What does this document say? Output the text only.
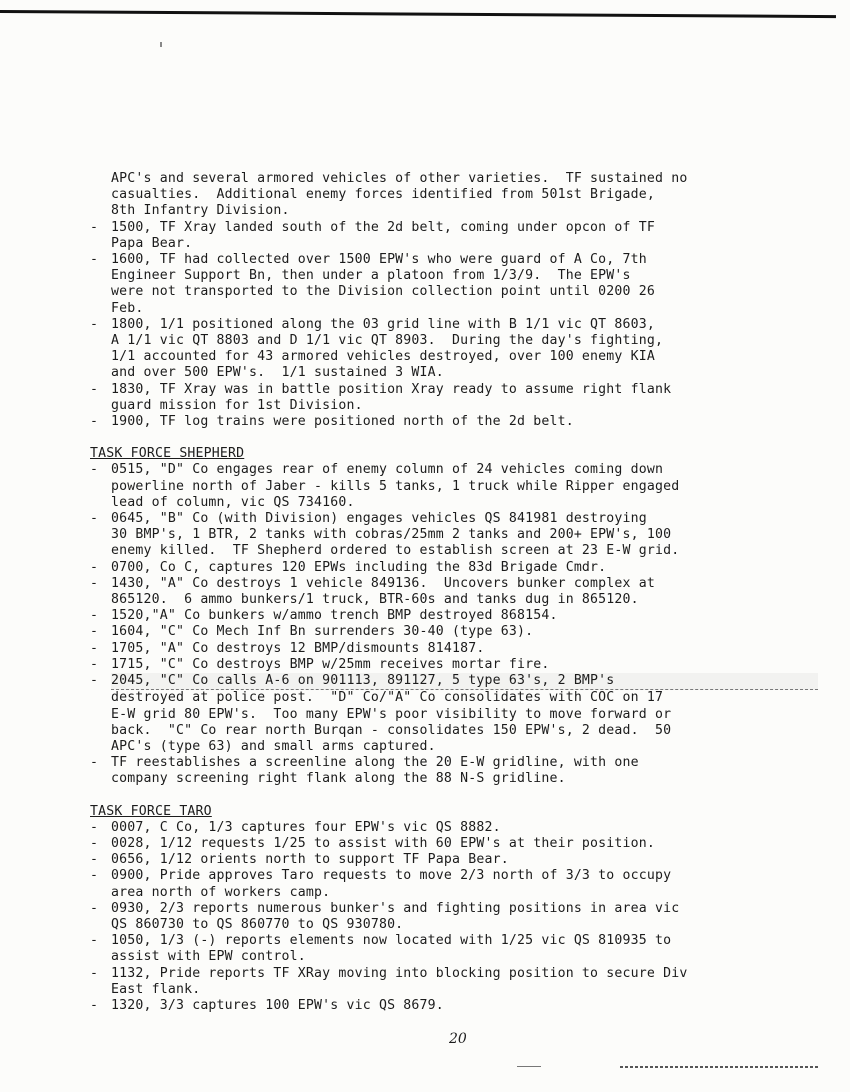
APC's and several armored vehicles of other varieties.  TF sustained no
casualties.  Additional enemy forces identified from 501st Brigade,
8th Infantry Division.
- 1500, TF Xray landed south of the 2d belt, coming under opcon of TF
Papa Bear.
- 1600, TF had collected over 1500 EPW's who were guard of A Co, 7th
Engineer Support Bn, then under a platoon from 1/3/9.  The EPW's
were not transported to the Division collection point until 0200 26
Feb.
- 1800, 1/1 positioned along the 03 grid line with B 1/1 vic QT 8603,
A 1/1 vic QT 8803 and D 1/1 vic QT 8903.  During the day's fighting,
1/1 accounted for 43 armored vehicles destroyed, over 100 enemy KIA
and over 500 EPW's.  1/1 sustained 3 WIA.
- 1830, TF Xray was in battle position Xray ready to assume right flank
guard mission for 1st Division.
- 1900, TF log trains were positioned north of the 2d belt.
TASK FORCE SHEPHERD
- 0515, "D" Co engages rear of enemy column of 24 vehicles coming down
powerline north of Jaber - kills 5 tanks, 1 truck while Ripper engaged
lead of column, vic QS 734160.
- 0645, "B" Co (with Division) engages vehicles QS 841981 destroying
30 BMP's, 1 BTR, 2 tanks with cobras/25mm 2 tanks and 200+ EPW's, 100
enemy killed.  TF Shepherd ordered to establish screen at 23 E-W grid.
- 0700, Co C, captures 120 EPWs including the 83d Brigade Cmdr.
- 1430, "A" Co destroys 1 vehicle 849136.  Uncovers bunker complex at
865120.  6 ammo bunkers/1 truck, BTR-60s and tanks dug in 865120.
- 1520,"A" Co bunkers w/ammo trench BMP destroyed 868154.
- 1604, "C" Co Mech Inf Bn surrenders 30-40 (type 63).
- 1705, "A" Co destroys 12 BMP/dismounts 814187.
- 1715, "C" Co destroys BMP w/25mm receives mortar fire.
- 2045, "C" Co calls A-6 on 901113, 891127, 5 type 63's, 2 BMP's
destroyed at police post.  "D" Co/"A" Co consolidates with COC on 17
E-W grid 80 EPW's.  Too many EPW's poor visibility to move forward or
back.  "C" Co rear north Burqan - consolidates 150 EPW's, 2 dead.  50
APC's (type 63) and small arms captured.
- TF reestablishes a screenline along the 20 E-W gridline, with one
company screening right flank along the 88 N-S gridline.
TASK FORCE TARO
- 0007, C Co, 1/3 captures four EPW's vic QS 8882.
- 0028, 1/12 requests 1/25 to assist with 60 EPW's at their position.
- 0656, 1/12 orients north to support TF Papa Bear.
- 0900, Pride approves Taro requests to move 2/3 north of 3/3 to occupy
area north of workers camp.
- 0930, 2/3 reports numerous bunker's and fighting positions in area vic
QS 860730 to QS 860770 to QS 930780.
- 1050, 1/3 (-) reports elements now located with 1/25 vic QS 810935 to
assist with EPW control.
- 1132, Pride reports TF XRay moving into blocking position to secure Div
East flank.
- 1320, 3/3 captures 100 EPW's vic QS 8679.
20
